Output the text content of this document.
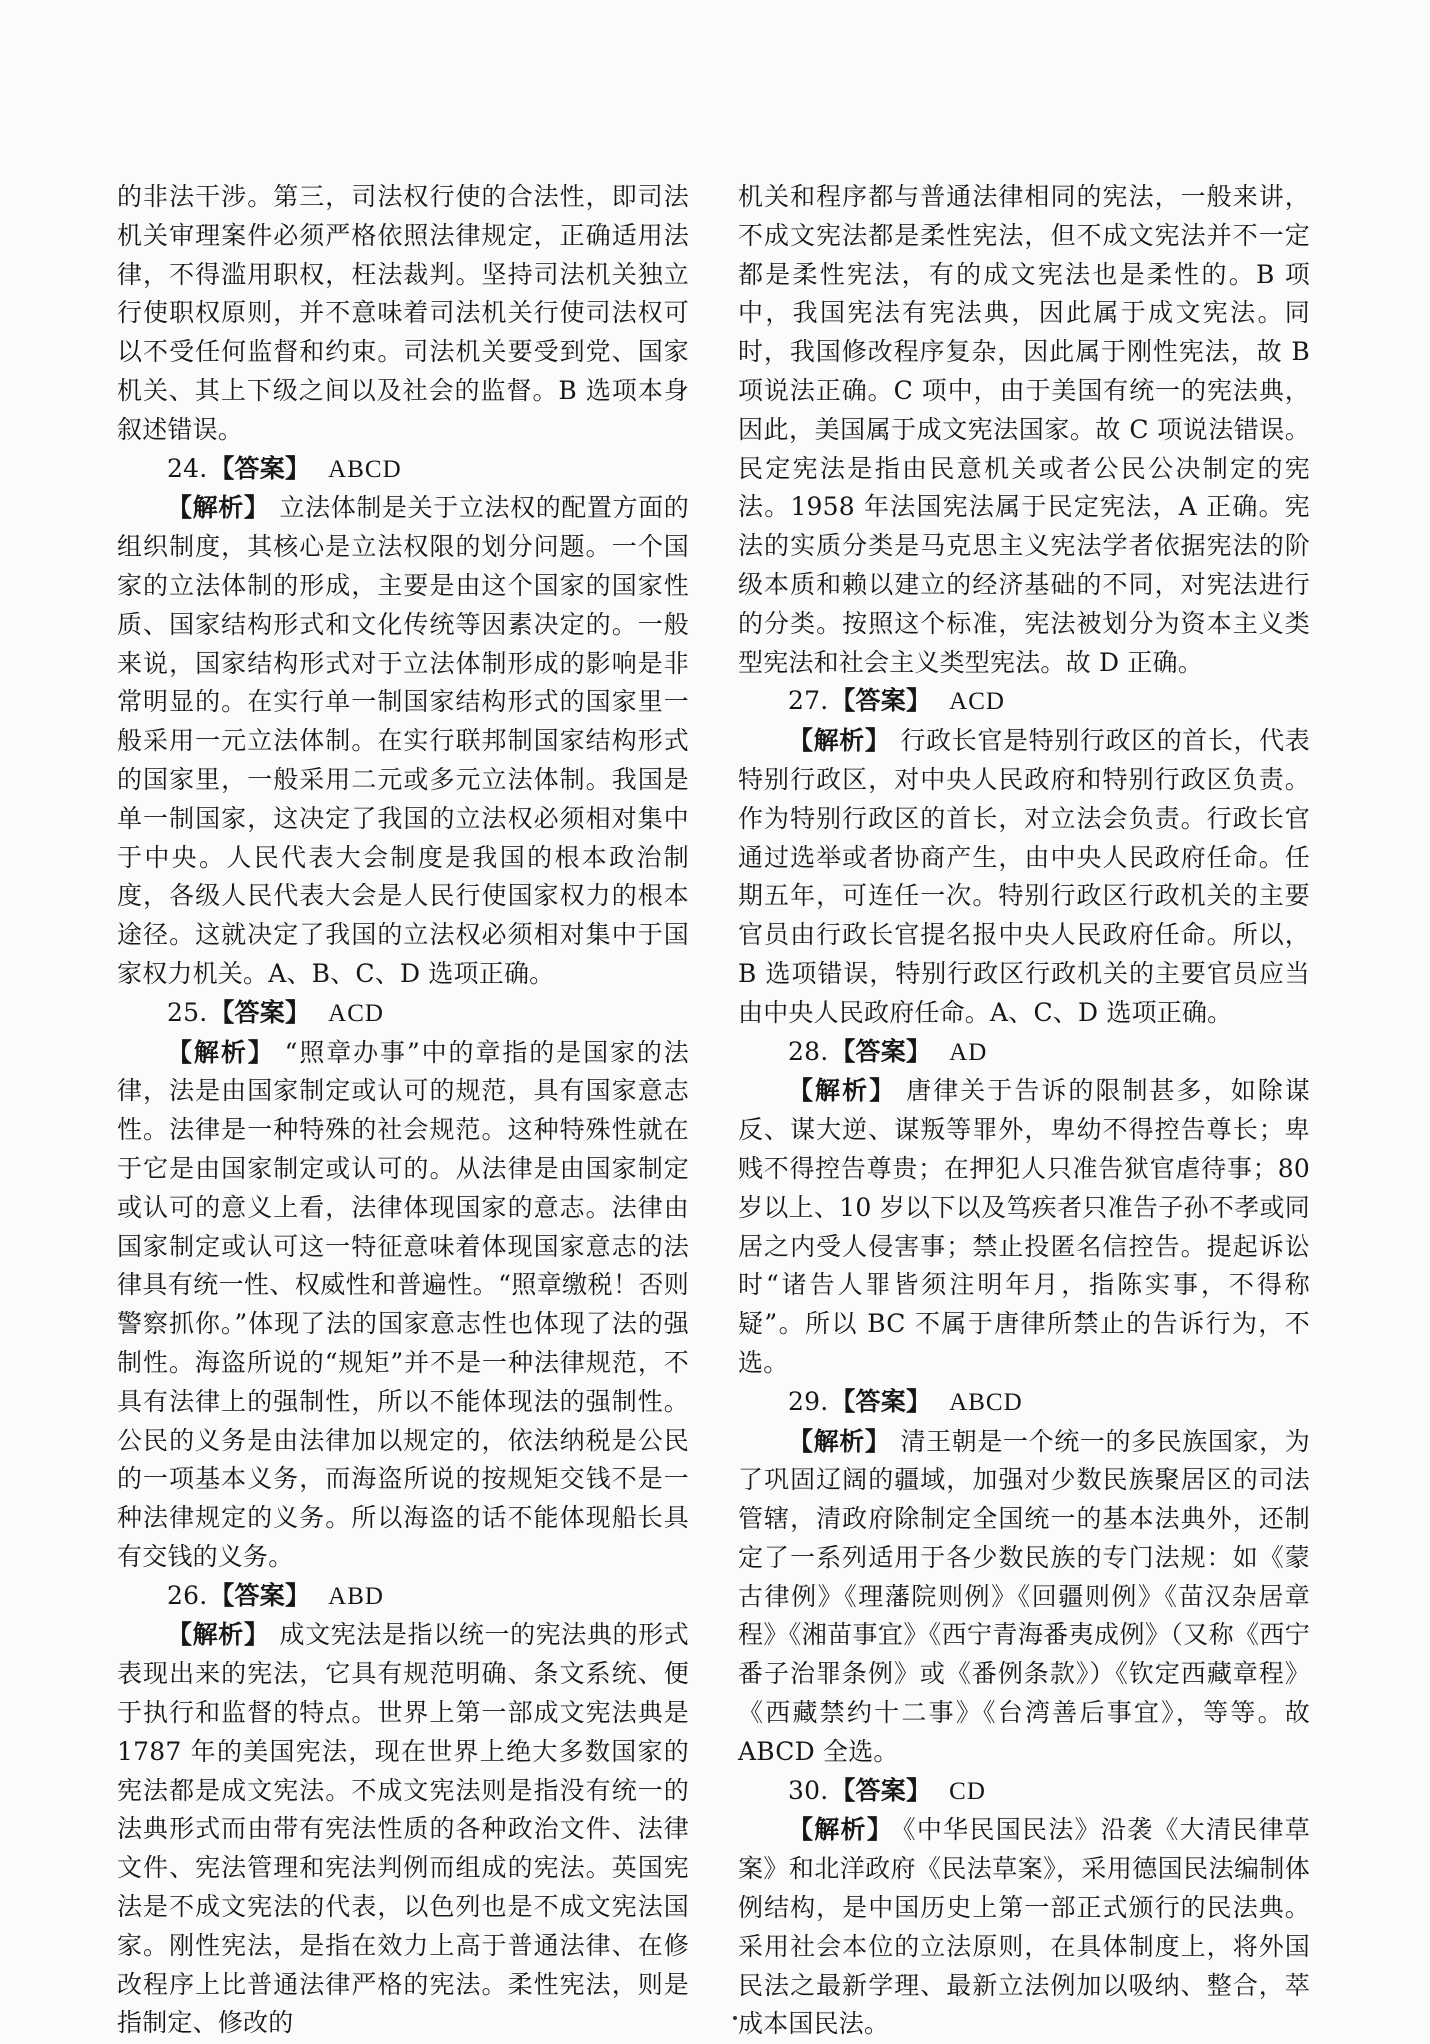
的非法干涉。第三，司法权行使的合法性，即司法机关审理案件必须严格依照法律规定，正确适用法律，不得滥用职权，枉法裁判。坚持司法机关独立行使职权原则，并不意味着司法机关行使司法权可以不受任何监督和约束。司法机关要受到党、国家机关、其上下级之间以及社会的监督。B 选项本身叙述错误。

24.【答案】 ABCD

【解析】 立法体制是关于立法权的配置方面的组织制度，其核心是立法权限的划分问题。一个国家的立法体制的形成，主要是由这个国家的国家性质、国家结构形式和文化传统等因素决定的。一般来说，国家结构形式对于立法体制形成的影响是非常明显的。在实行单一制国家结构形式的国家里一般采用一元立法体制。在实行联邦制国家结构形式的国家里，一般采用二元或多元立法体制。我国是单一制国家，这决定了我国的立法权必须相对集中于中央。人民代表大会制度是我国的根本政治制度，各级人民代表大会是人民行使国家权力的根本途径。这就决定了我国的立法权必须相对集中于国家权力机关。A、B、C、D 选项正确。

25.【答案】 ACD

【解析】 “照章办事”中的章指的是国家的法律，法是由国家制定或认可的规范，具有国家意志性。法律是一种特殊的社会规范。这种特殊性就在于它是由国家制定或认可的。从法律是由国家制定或认可的意义上看，法律体现国家的意志。法律由国家制定或认可这一特征意味着体现国家意志的法律具有统一性、权威性和普遍性。“照章缴税！否则警察抓你。”体现了法的国家意志性也体现了法的强制性。海盗所说的“规矩”并不是一种法律规范，不具有法律上的强制性，所以不能体现法的强制性。公民的义务是由法律加以规定的，依法纳税是公民的一项基本义务，而海盗所说的按规矩交钱不是一种法律规定的义务。所以海盗的话不能体现船长具有交钱的义务。

26.【答案】 ABD

【解析】 成文宪法是指以统一的宪法典的形式表现出来的宪法，它具有规范明确、条文系统、便于执行和监督的特点。世界上第一部成文宪法典是 1787 年的美国宪法，现在世界上绝大多数国家的宪法都是成文宪法。不成文宪法则是指没有统一的法典形式而由带有宪法性质的各种政治文件、法律文件、宪法管理和宪法判例而组成的宪法。英国宪法是不成文宪法的代表，以色列也是不成文宪法国家。刚性宪法，是指在效力上高于普通法律、在修改程序上比普通法律严格的宪法。柔性宪法，则是指制定、修改的

机关和程序都与普通法律相同的宪法，一般来讲，不成文宪法都是柔性宪法，但不成文宪法并不一定都是柔性宪法，有的成文宪法也是柔性的。B 项中，我国宪法有宪法典，因此属于成文宪法。同时，我国修改程序复杂，因此属于刚性宪法，故 B 项说法正确。C 项中，由于美国有统一的宪法典，因此，美国属于成文宪法国家。故 C 项说法错误。民定宪法是指由民意机关或者公民公决制定的宪法。1958 年法国宪法属于民定宪法，A 正确。宪法的实质分类是马克思主义宪法学者依据宪法的阶级本质和赖以建立的经济基础的不同，对宪法进行的分类。按照这个标准，宪法被划分为资本主义类型宪法和社会主义类型宪法。故 D 正确。

27.【答案】 ACD

【解析】 行政长官是特别行政区的首长，代表特别行政区，对中央人民政府和特别行政区负责。作为特别行政区的首长，对立法会负责。行政长官通过选举或者协商产生，由中央人民政府任命。任期五年，可连任一次。特别行政区行政机关的主要官员由行政长官提名报中央人民政府任命。所以，B 选项错误，特别行政区行政机关的主要官员应当由中央人民政府任命。A、C、D 选项正确。

28.【答案】 AD

【解析】 唐律关于告诉的限制甚多，如除谋反、谋大逆、谋叛等罪外，卑幼不得控告尊长；卑贱不得控告尊贵；在押犯人只准告狱官虐待事；80 岁以上、10 岁以下以及笃疾者只准告子孙不孝或同居之内受人侵害事；禁止投匿名信控告。提起诉讼时“诸告人罪皆须注明年月，指陈实事，不得称疑”。所以 BC 不属于唐律所禁止的告诉行为，不选。

29.【答案】 ABCD

【解析】 清王朝是一个统一的多民族国家，为了巩固辽阔的疆域，加强对少数民族聚居区的司法管辖，清政府除制定全国统一的基本法典外，还制定了一系列适用于各少数民族的专门法规：如《蒙古律例》《理藩院则例》《回疆则例》《苗汉杂居章程》《湘苗事宜》《西宁青海番夷成例》（又称《西宁番子治罪条例》或《番例条款》）《钦定西藏章程》《西藏禁约十二事》《台湾善后事宜》，等等。故 ABCD 全选。

30.【答案】 CD

【解析】 《中华民国民法》沿袭《大清民律草案》和北洋政府《民法草案》，采用德国民法编制体例结构，是中国历史上第一部正式颁行的民法典。采用社会本位的立法原则，在具体制度上，将外国民法之最新学理、最新立法例加以吸纳、整合，萃成本国民法。
